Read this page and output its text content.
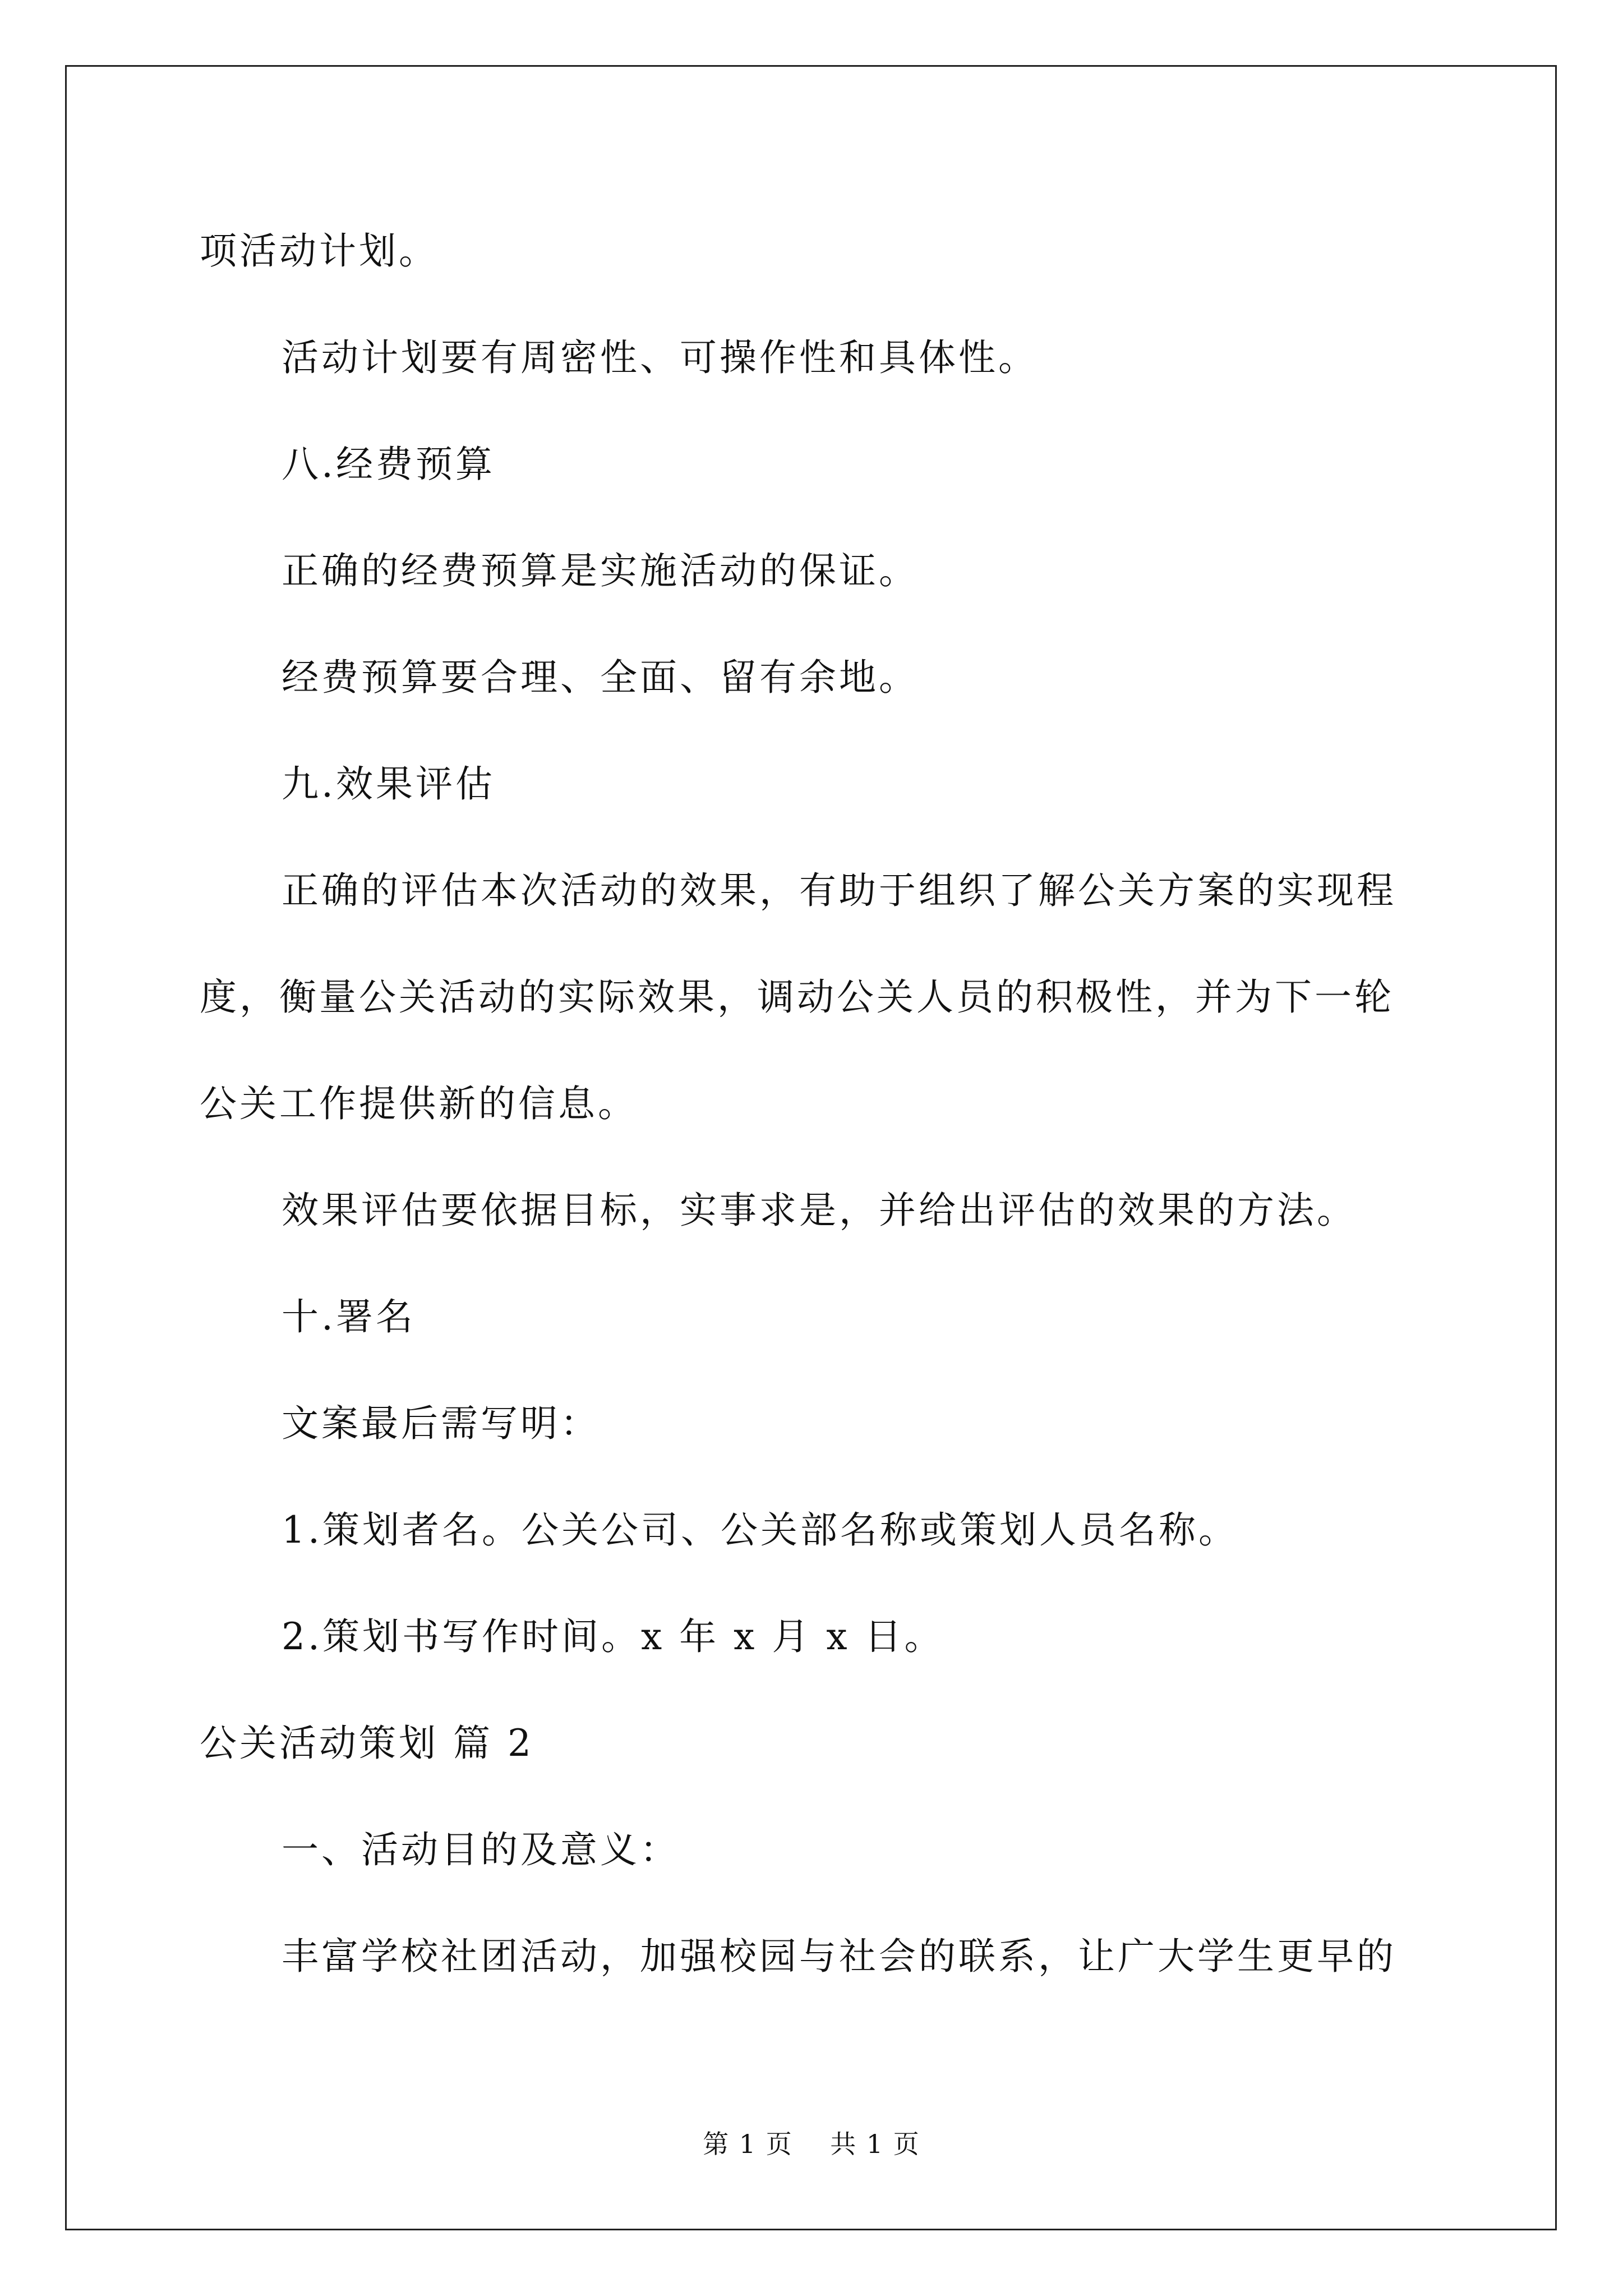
项活动计划。
活动计划要有周密性、可操作性和具体性。
八.经费预算
正确的经费预算是实施活动的保证。
经费预算要合理、全面、留有余地。
九.效果评估
正确的评估本次活动的效果，有助于组织了解公关方案的实现程
度，衡量公关活动的实际效果，调动公关人员的积极性，并为下一轮
公关工作提供新的信息。
效果评估要依据目标，实事求是，并给出评估的效果的方法。
十.署名
文案最后需写明：
1.策划者名。公关公司、公关部名称或策划人员名称。
2.策划书写作时间。x 年 x 月 x 日。
公关活动策划 篇 2
一、活动目的及意义：
丰富学校社团活动，加强校园与社会的联系，让广大学生更早的
第 1 页    共 1 页
